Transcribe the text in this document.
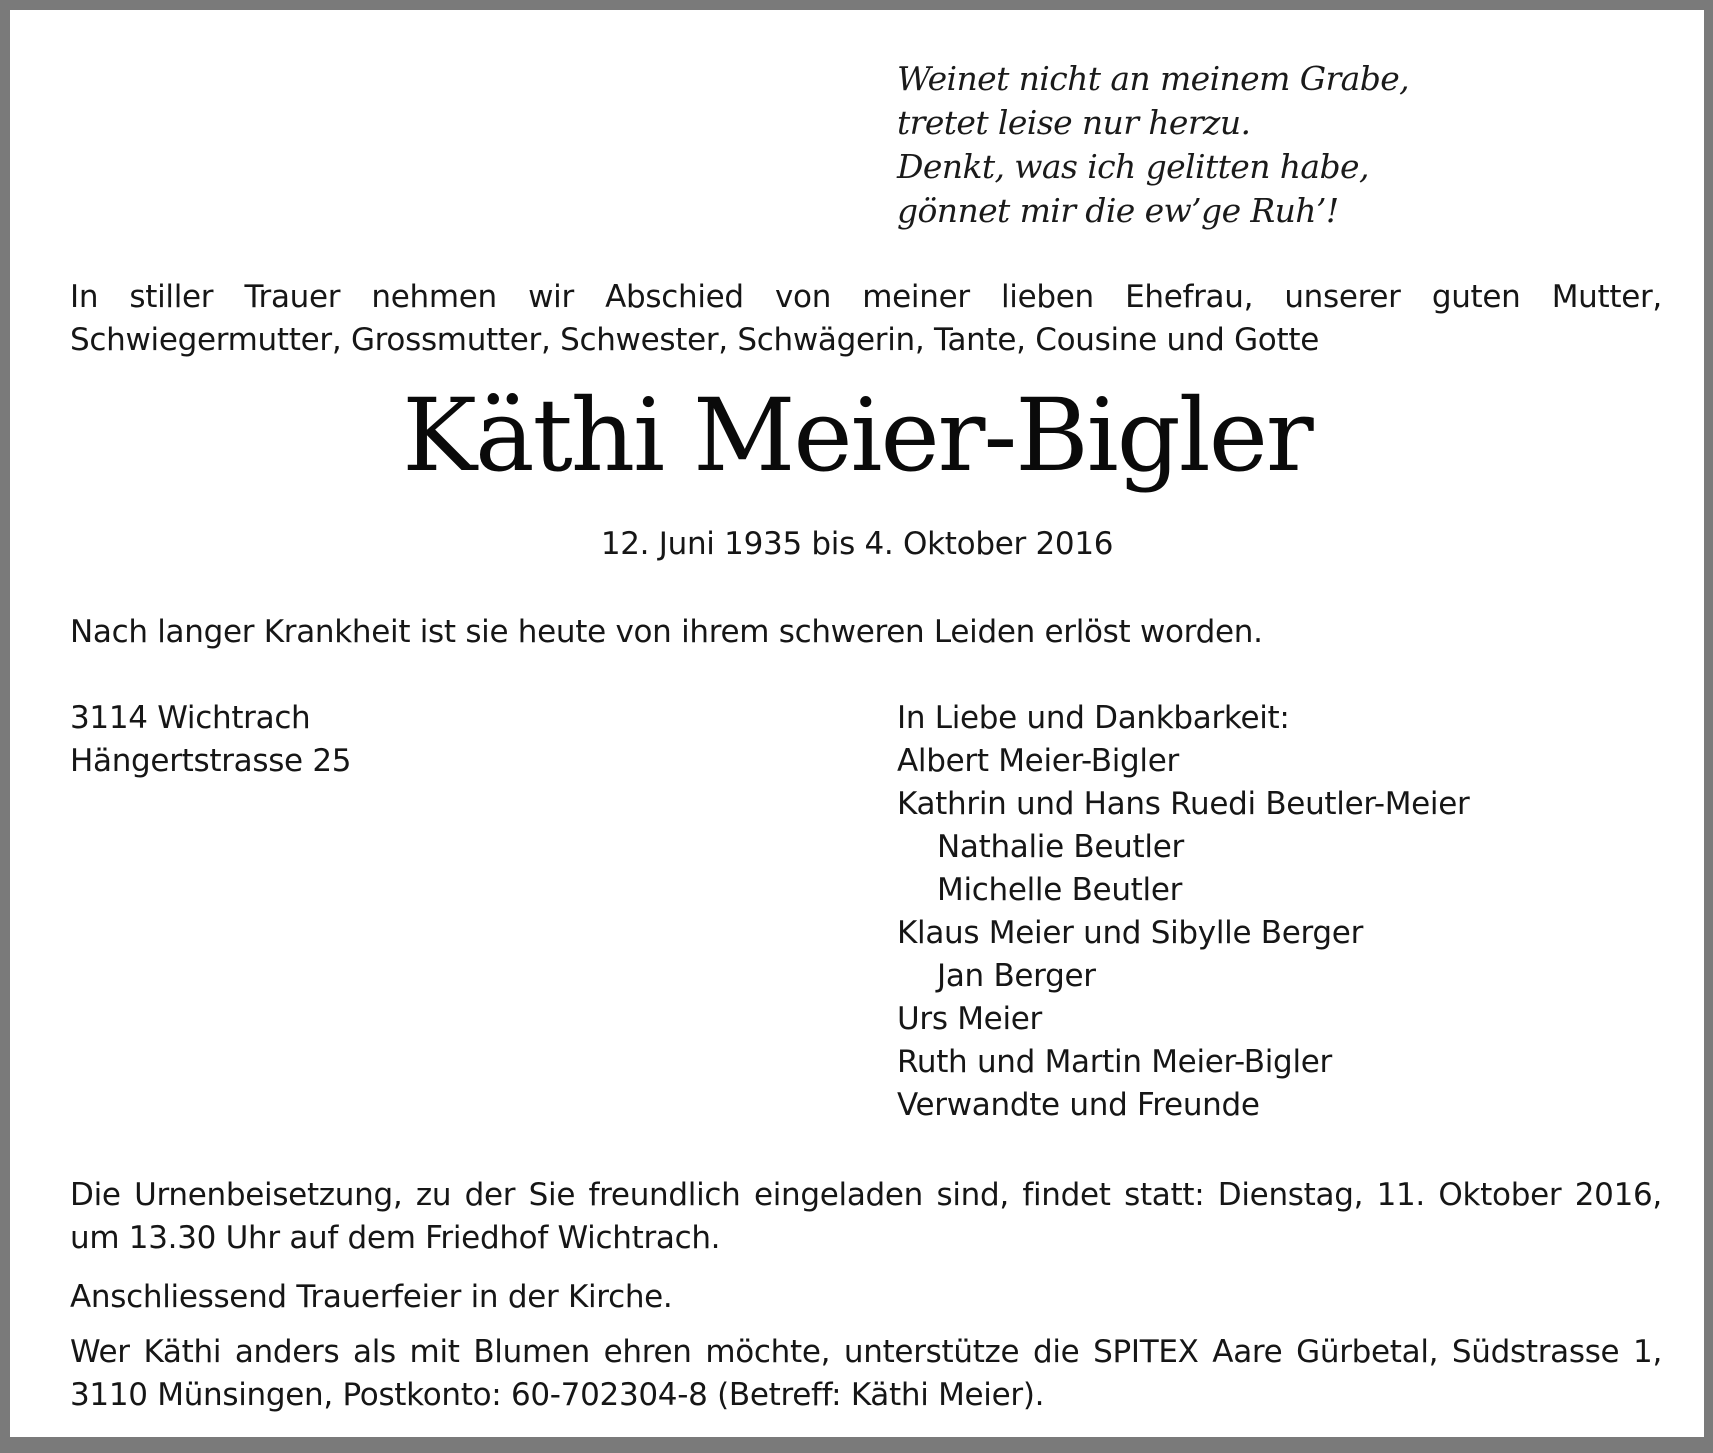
Weinet nicht an meinem Grabe,
tretet leise nur herzu.
Denkt, was ich gelitten habe,
gönnet mir die ew’ge Ruh’!

In stiller Trauer nehmen wir Abschied von meiner lieben Ehefrau, unserer guten Mutter, Schwiegermutter, Grossmutter, Schwester, Schwägerin, Tante, Cousine und Gotte

Käthi Meier-Bigler
12. Juni 1935 bis 4. Oktober 2016

Nach langer Krankheit ist sie heute von ihrem schweren Leiden erlöst worden.

3114 Wichtrach
Hängertstrasse 25
In Liebe und Dankbarkeit:
Albert Meier-Bigler
Kathrin und Hans Ruedi Beutler-Meier
Nathalie Beutler
Michelle Beutler
Klaus Meier und Sibylle Berger
Jan Berger
Urs Meier
Ruth und Martin Meier-Bigler
Verwandte und Freunde

Die Urnenbeisetzung, zu der Sie freundlich eingeladen sind, findet statt: Dienstag, 11. Oktober 2016, um 13.30 Uhr auf dem Friedhof Wichtrach.

Anschliessend Trauerfeier in der Kirche.

Wer Käthi anders als mit Blumen ehren möchte, unterstütze die SPITEX Aare Gürbetal, Südstrasse 1, 3110 Münsingen, Postkonto: 60-702304-8 (Betreff: Käthi Meier).
